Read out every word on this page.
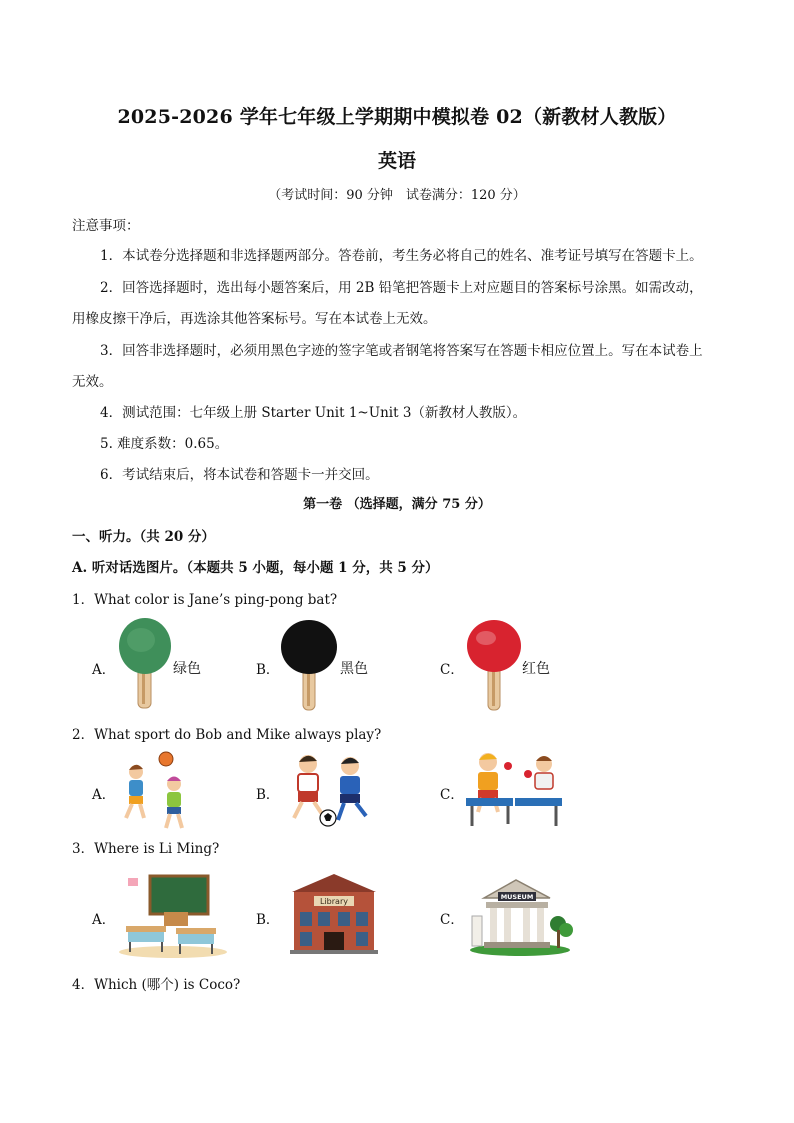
2025-2026 学年七年级上学期期中模拟卷 02（新教材人教版）
英语
（考试时间：90 分钟　试卷满分：120 分）
注意事项：
1．本试卷分选择题和非选择题两部分。答卷前，考生务必将自己的姓名、准考证号填写在答题卡上。
2．回答选择题时，选出每小题答案后，用 2B 铅笔把答题卡上对应题目的答案标号涂黑。如需改动，
用橡皮擦干净后，再选涂其他答案标号。写在本试卷上无效。
3．回答非选择题时，必须用黑色字迹的签字笔或者钢笔将答案写在答题卡相应位置上。写在本试卷上
无效。
4．测试范围：七年级上册 Starter Unit 1~Unit 3（新教材人教版）。
5. 难度系数：0.65。
6．考试结束后，将本试卷和答题卡一并交回。
第一卷 （选择题，满分 75 分）
一、听力。（共 20 分）
A. 听对话选图片。（本题共 5 小题，每小题 1 分，共 5 分）
1．What color is Jane’s ping-pong bat?
A．	B．	C．
绿色	黑色	红色
2．What sport do Bob and Mike always play?
A．	B．	C．
3．Where is Li Ming?
A．	B．	C．
Library	MUSEUM
4．Which (哪个) is Coco?
